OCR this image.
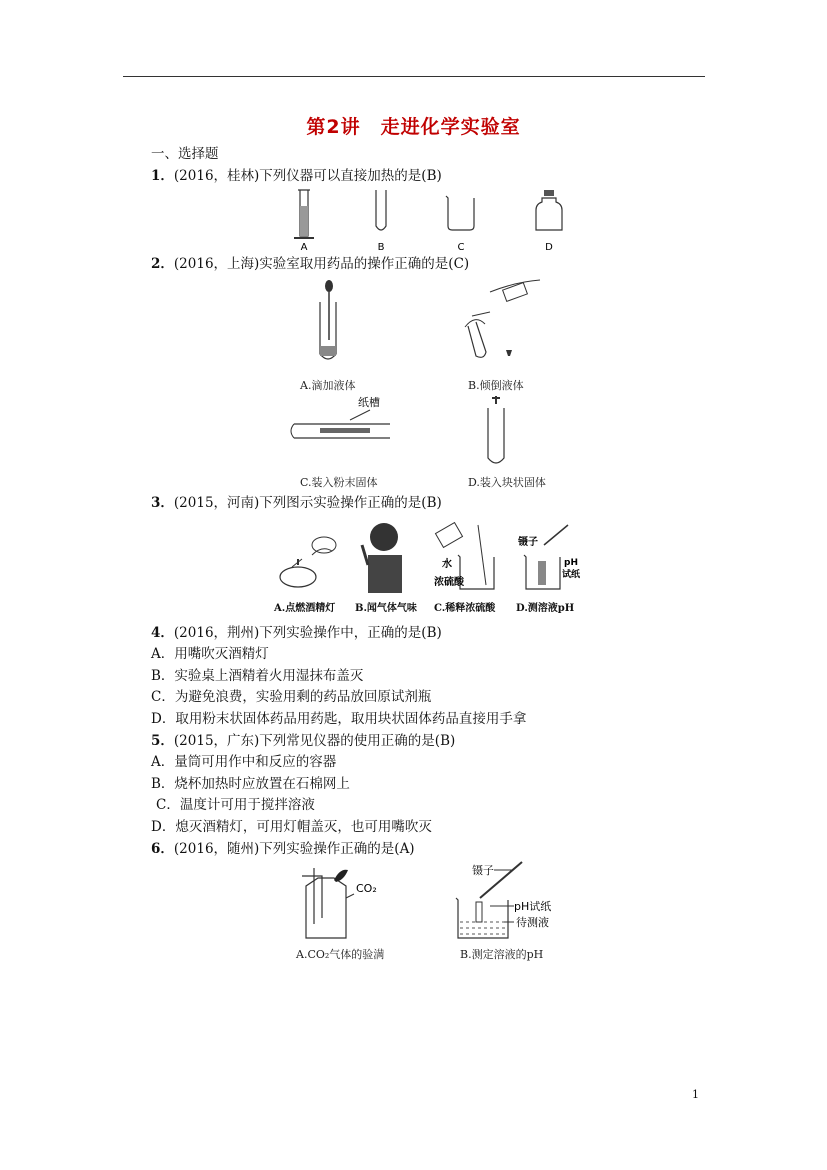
第2讲　走进化学实验室
一、选择题
1．(2016，桂林)下列仪器可以直接加热的是(B)
A	B	C	D
2．(2016，上海)实验室取用药品的操作正确的是(C)
A.滴加液体	B.倾倒液体
纸槽
C.装入粉末固体	D.装入块状固体
3．(2015，河南)下列图示实验操作正确的是(B)
水
浓硫酸
镊子
pH
试纸
A.点燃酒精灯 B.闻气体气味 C.稀释浓硫酸 D.测溶液pH
4．(2016，荆州)下列实验操作中，正确的是(B)
A．用嘴吹灭酒精灯
B．实验桌上酒精着火用湿抹布盖灭
C．为避免浪费，实验用剩的药品放回原试剂瓶
D．取用粉末状固体药品用药匙，取用块状固体药品直接用手拿
5．(2015，广东)下列常见仪器的使用正确的是(B)
A．量筒可用作中和反应的容器
B．烧杯加热时应放置在石棉网上
C．温度计可用于搅拌溶液
D．熄灭酒精灯，可用灯帽盖灭，也可用嘴吹灭
6．(2016，随州)下列实验操作正确的是(A)
CO₂
镊子
pH试纸
待测液
A.CO₂气体的验满	B.测定溶液的pH
1
